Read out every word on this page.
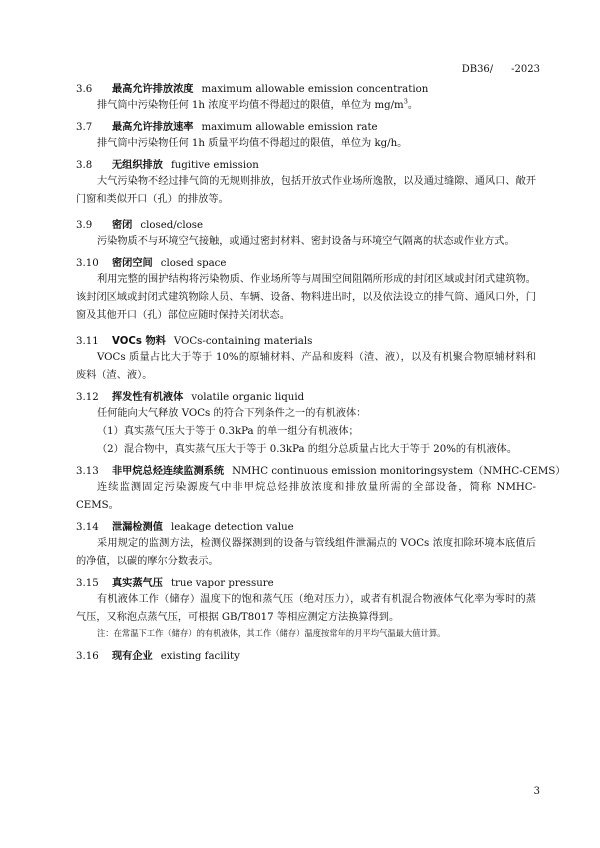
DB36/ -2023

3.6 最高允许排放浓度 maximum allowable emission concentration

排气筒中污染物任何 1h 浓度平均值不得超过的限值，单位为 $mg/m^3$。

3.7 最高允许排放速率 maximum allowable emission rate

排气筒中污染物任何 1h 质量平均值不得超过的限值，单位为 kg/h。

3.8 无组织排放 fugitive emission

大气污染物不经过排气筒的无规则排放，包括开放式作业场所逸散，以及通过缝隙、通风口、敞开门窗和类似开口（孔）的排放等。

3.9 密闭 closed/close

污染物质不与环境空气接触，或通过密封材料、密封设备与环境空气隔离的状态或作业方式。

3.10 密闭空间 closed space

利用完整的围护结构将污染物质、作业场所等与周围空间阻隔所形成的封闭区域或封闭式建筑物。该封闭区域或封闭式建筑物除人员、车辆、设备、物料进出时，以及依法设立的排气筒、通风口外，门窗及其他开口（孔）部位应随时保持关闭状态。

3.11 VOCs 物料 VOCs-containing materials

VOCs 质量占比大于等于 10%的原辅材料、产品和废料（渣、液），以及有机聚合物原辅材料和废料（渣、液）。

3.12 挥发性有机液体 volatile organic liquid

任何能向大气释放 VOCs 的符合下列条件之一的有机液体：

（1）真实蒸气压大于等于 0.3kPa 的单一组分有机液体；

（2）混合物中，真实蒸气压大于等于 0.3kPa 的组分总质量占比大于等于 20%的有机液体。

3.13 非甲烷总烃连续监测系统 NMHC continuous emission monitoringsystem（NMHC-CEMS）

连续监测固定污染源废气中非甲烷总烃排放浓度和排放量所需的全部设备，简称 NMHC-CEMS。

3.14 泄漏检测值 leakage detection value

采用规定的监测方法，检测仪器探测到的设备与管线组件泄漏点的 VOCs 浓度扣除环境本底值后的净值，以碳的摩尔分数表示。

3.15 真实蒸气压 true vapor pressure

有机液体工作（储存）温度下的饱和蒸气压（绝对压力），或者有机混合物液体气化率为零时的蒸气压，又称泡点蒸气压，可根据 GB/T8017 等相应测定方法换算得到。

注：在常温下工作（储存）的有机液体，其工作（储存）温度按常年的月平均气温最大值计算。

3.16 现有企业 existing facility

3
